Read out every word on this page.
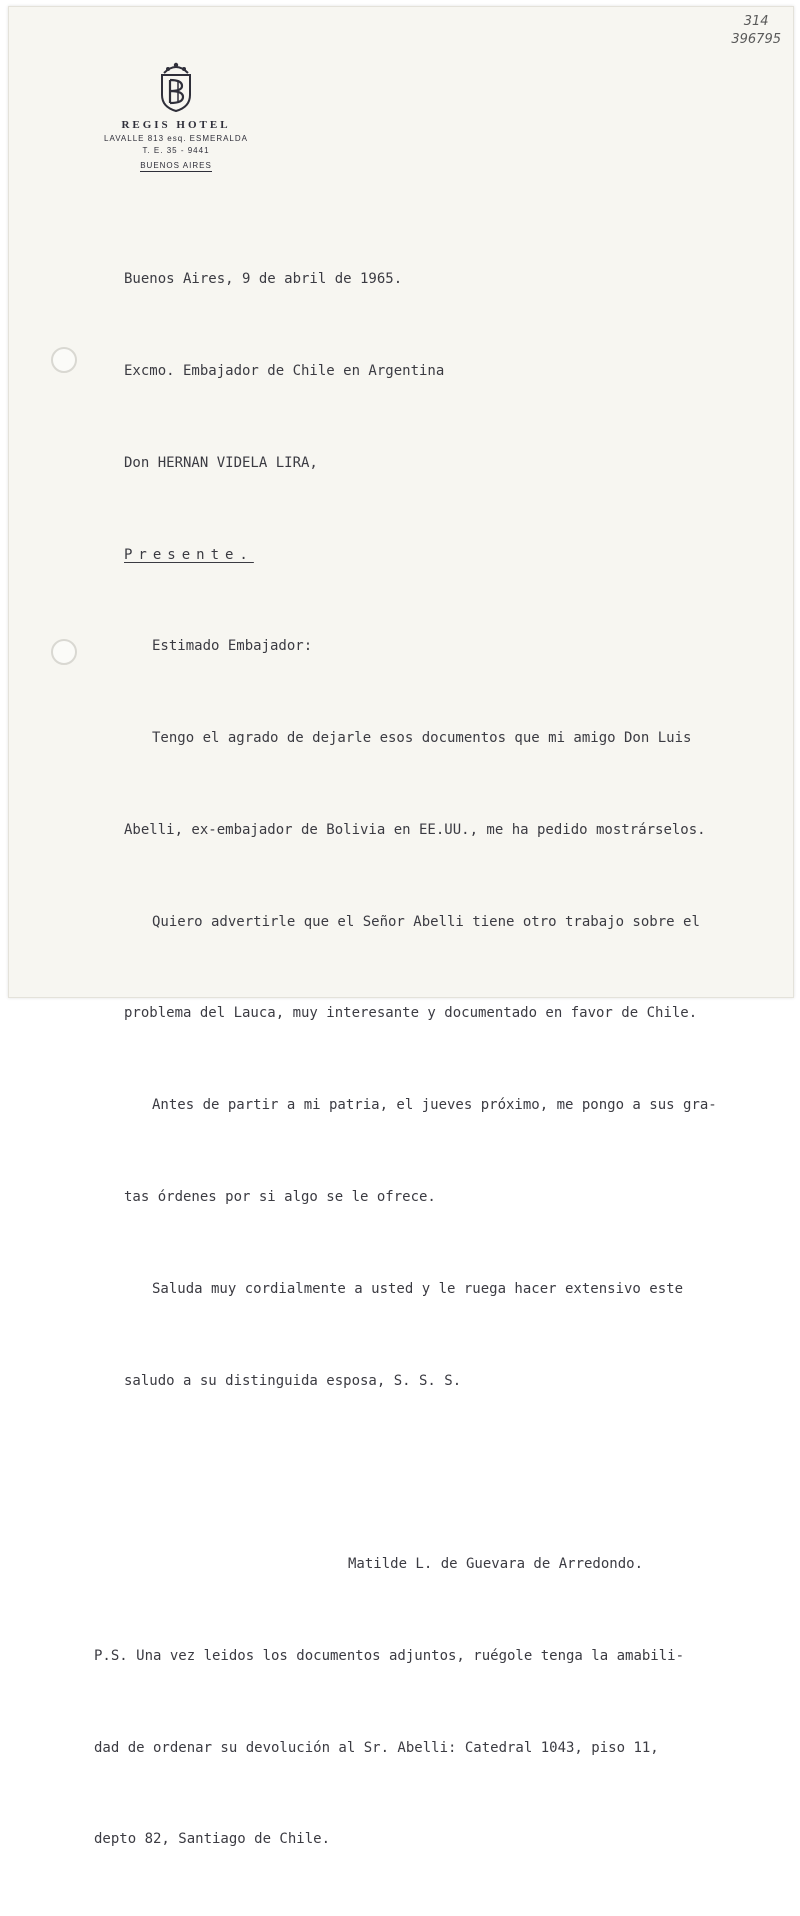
314
396795
REGIS HOTEL
LAVALLE 813 esq. ESMERALDA
T. E. 35 - 9441
BUENOS AIRES

Buenos Aires, 9 de abril de 1965.

Excmo. Embajador de Chile en Argentina

Don HERNAN VIDELA LIRA,

Presente.

Estimado Embajador:

Tengo el agrado de dejarle esos documentos que mi amigo Don Luis

Abelli, ex-embajador de Bolivia en EE.UU., me ha pedido mostrárselos.

Quiero advertirle que el Señor Abelli tiene otro trabajo sobre el

problema del Lauca, muy interesante y documentado en favor de Chile.

Antes de partir a mi patria, el jueves próximo, me pongo a sus gra-

tas órdenes por si algo se le ofrece.

Saluda muy cordialmente a usted y le ruega hacer extensivo este

saludo a su distinguida esposa, S. S. S.

Matilde L. de Guevara de Arredondo.

P.S. Una vez leidos los documentos adjuntos, ruégole tenga la amabili-

dad de ordenar su devolución al Sr. Abelli: Catedral 1043, piso 11,

depto 82, Santiago de Chile.
